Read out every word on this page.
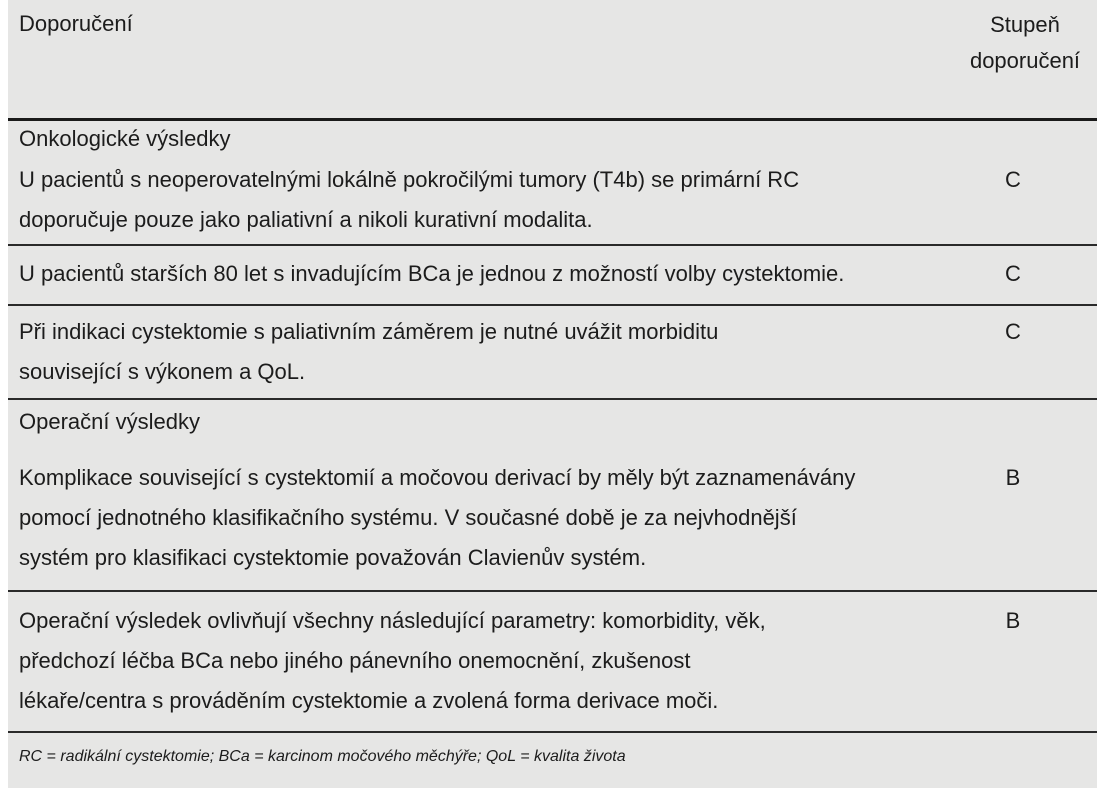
Doporučení	Stupeň
doporučení
Onkologické výsledky
U pacientů s neoperovatelnými lokálně pokročilými tumory (T4b) se primární RC
doporučuje pouze jako paliativní a nikoli kurativní modalita.
C
U pacientů starších 80 let s invadujícím BCa je jednou z možností volby cystektomie.	C
Při indikaci cystektomie s paliativním záměrem je nutné uvážit morbiditu
související s výkonem a QoL.
C
Operační výsledky
Komplikace související s cystektomií a močovou derivací by měly být zaznamenávány
pomocí jednotného klasifikačního systému. V současné době je za nejvhodnější
systém pro klasifikaci cystektomie považován Clavienův systém.
B
Operační výsledek ovlivňují všechny následující parametry: komorbidity, věk,
předchozí léčba BCa nebo jiného pánevního onemocnění, zkušenost
lékaře/centra s prováděním cystektomie a zvolená forma derivace moči.
B
RC = radikální cystektomie; BCa = karcinom močového měchýře; QoL = kvalita života
